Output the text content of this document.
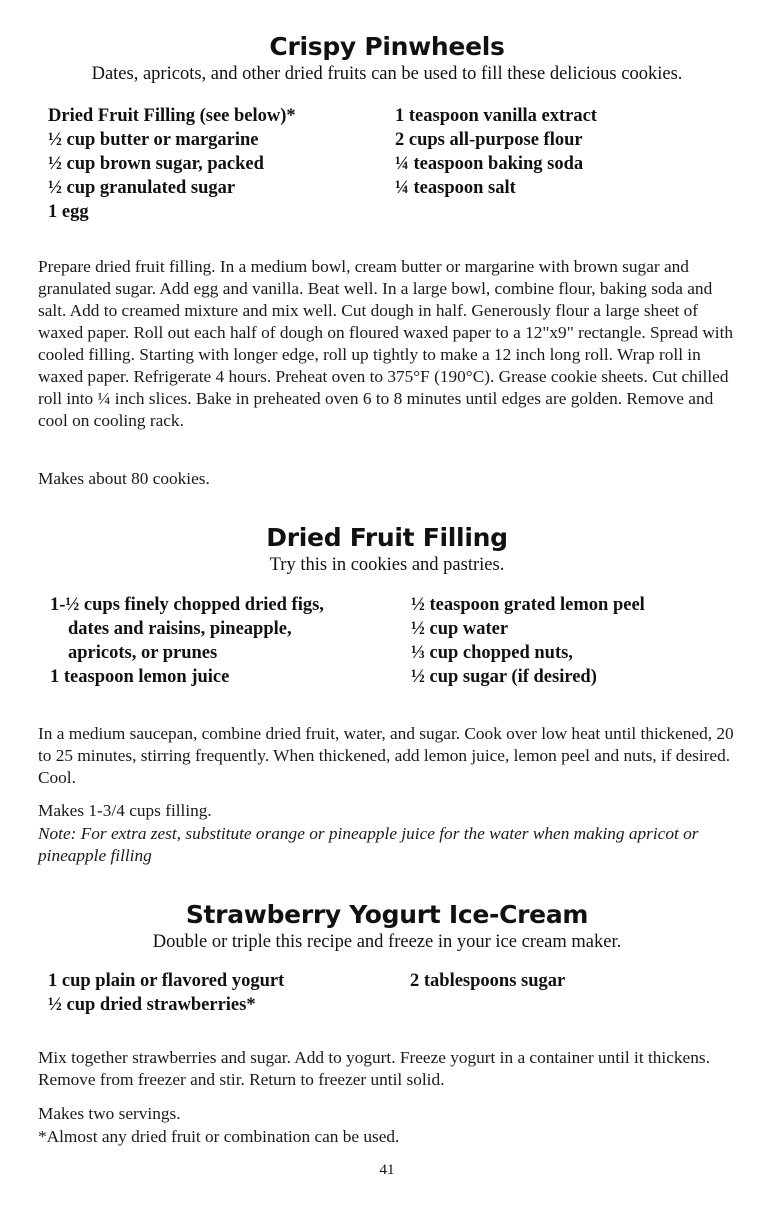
Crispy Pinwheels
Dates, apricots, and other dried fruits can be used to fill these delicious cookies.
Dried Fruit Filling (see below)*
½ cup butter or margarine
½ cup brown sugar, packed
½ cup granulated sugar
1 egg
1 teaspoon vanilla extract
2 cups all-purpose flour
¼ teaspoon baking soda
¼ teaspoon salt
Prepare dried fruit filling. In a medium bowl, cream butter or margarine with brown sugar and granulated sugar. Add egg and vanilla. Beat well. In a large bowl, combine flour, baking soda and salt. Add to creamed mixture and mix well. Cut dough in half. Generously flour a large sheet of waxed paper. Roll out each half of dough on floured waxed paper to a 12"x9" rectangle. Spread with cooled filling. Starting with longer edge, roll up tightly to make a 12 inch long roll. Wrap roll in waxed paper. Refrigerate 4 hours. Preheat oven to 375°F (190°C). Grease cookie sheets. Cut chilled roll into ¼ inch slices. Bake in preheated oven 6 to 8 minutes until edges are golden. Remove and cool on cooling rack.
Makes about 80 cookies.
Dried Fruit Filling
Try this in cookies and pastries.
1-½ cups finely chopped dried figs,
dates and raisins, pineapple,
apricots, or prunes
1 teaspoon lemon juice
½ teaspoon grated lemon peel
½ cup water
⅓ cup chopped nuts,
½ cup sugar (if desired)
In a medium saucepan, combine dried fruit, water, and sugar. Cook over low heat until thickened, 20 to 25 minutes, stirring frequently. When thickened, add lemon juice, lemon peel and nuts, if desired. Cool.
Makes 1-3/4 cups filling.
Note: For extra zest, substitute orange or pineapple juice for the water when making apricot or pineapple filling
Strawberry Yogurt Ice-Cream
Double or triple this recipe and freeze in your ice cream maker.
1 cup plain or flavored yogurt
½ cup dried strawberries*
2 tablespoons sugar
Mix together strawberries and sugar. Add to yogurt. Freeze yogurt in a container until it thickens. Remove from freezer and stir. Return to freezer until solid.
Makes two servings.
*Almost any dried fruit or combination can be used.
41
